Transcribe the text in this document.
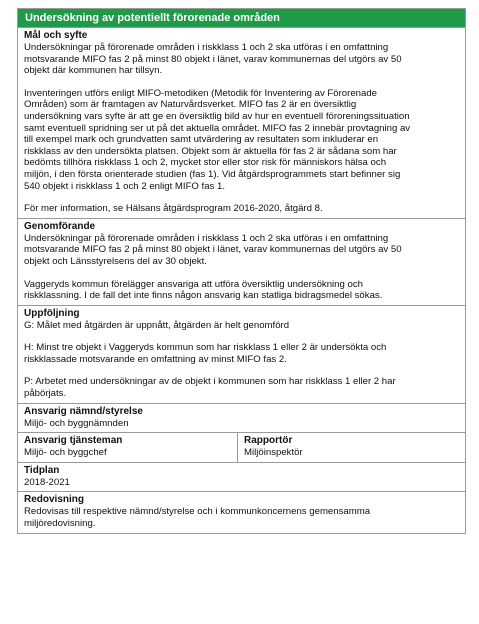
Undersökning av potentiellt förorenade områden
Mål och syfte

Undersökningar på förorenade områden i riskklass 1 och 2 ska utföras i en omfattning
motsvarande MIFO fas 2 på minst 80 objekt i länet, varav kommunernas del utgörs av 50
objekt där kommunen har tillsyn.

Inventeringen utförs enligt MIFO-metodiken (Metodik för Inventering av Förorenade
Områden) som är framtagen av Naturvårdsverket. MIFO fas 2 är en översiktlig
undersökning vars syfte är att ge en översiktlig bild av hur en eventuell föroreningssituation
samt eventuell spridning ser ut på det aktuella området. MIFO fas 2 innebär provtagning av
till exempel mark och grundvatten samt utvärdering av resultaten som inkluderar en
riskklass av den undersökta platsen. Objekt som är aktuella för fas 2 är sådana som har
bedömts tillhöra riskklass 1 och 2, mycket stor eller stor risk för människors hälsa och
miljön, i den första orienterade studien (fas 1). Vid åtgärdsprogrammets start befinner sig
540 objekt i riskklass 1 och 2 enligt MIFO fas 1.

För mer information, se Hälsans åtgärdsprogram 2016-2020, åtgärd 8.

Genomförande

Undersökningar på förorenade områden i riskklass 1 och 2 ska utföras i en omfattning
motsvarande MIFO fas 2 på minst 80 objekt i länet, varav kommunernas del utgörs av 50
objekt och Länsstyrelsens del av 30 objekt.

Vaggeryds kommun förelägger ansvariga att utföra översiktlig undersökning och
riskklassning. I de fall det inte finns någon ansvarig kan statliga bidragsmedel sökas.

Uppföljning

G: Målet med åtgärden är uppnått, åtgärden är helt genomförd

H: Minst tre objekt i Vaggeryds kommun som har riskklass 1 eller 2 är undersökta och
riskklassade motsvarande en omfattning av minst MIFO fas 2.

P: Arbetet med undersökningar av de objekt i kommunen som har riskklass 1 eller 2 har
påbörjats.

Ansvarig nämnd/styrelse
Miljö- och byggnämnden
Ansvarig tjänsteman
Miljö- och byggchef
Rapportör
Miljöinspektör
Tidplan
2018-2021
Redovisning
Redovisas till respektive nämnd/styrelse och i kommunkoncernens gemensamma
miljöredovisning.
